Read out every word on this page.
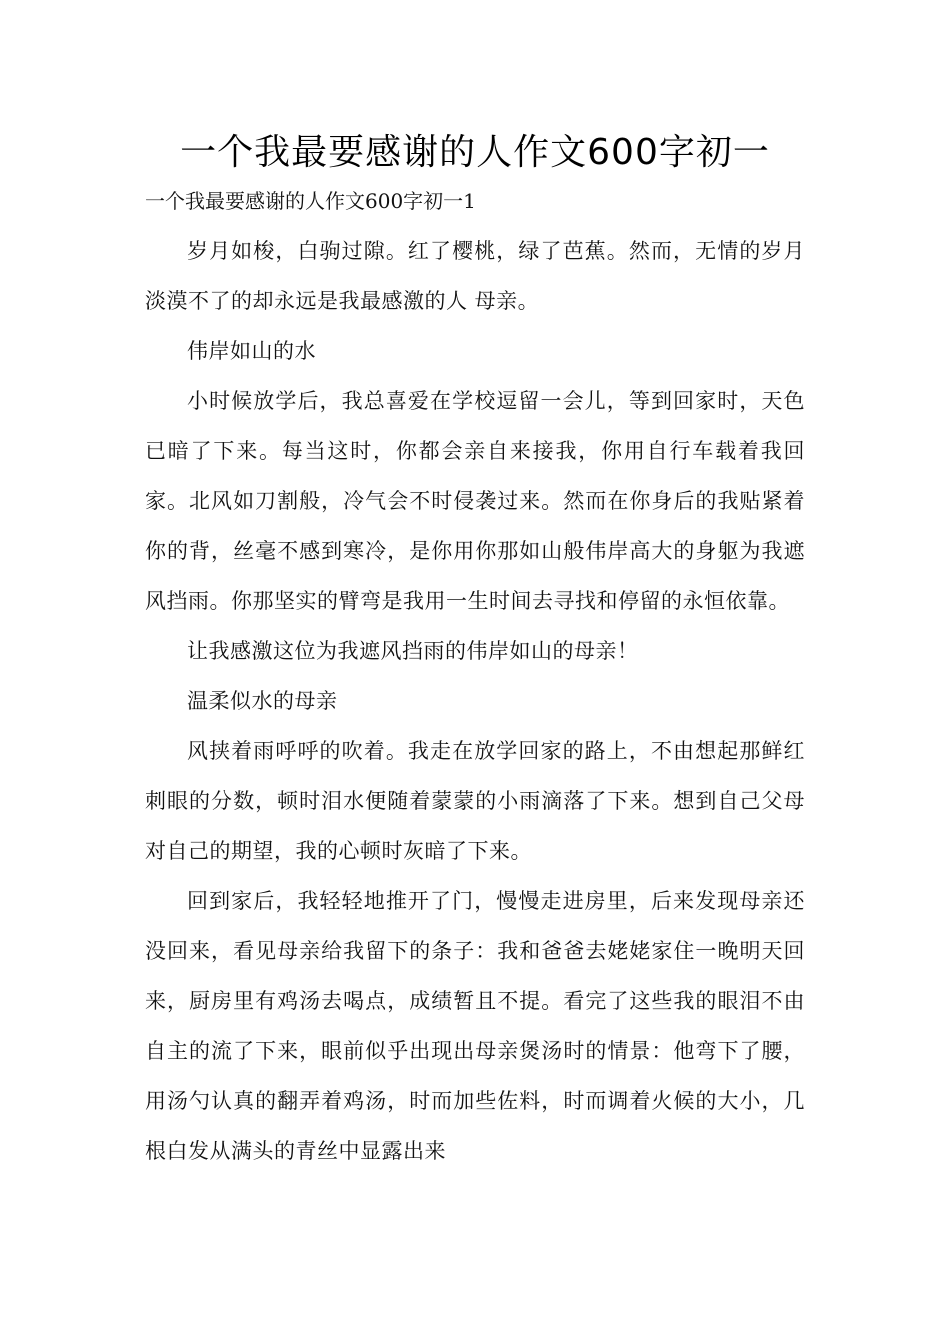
一个我最要感谢的人作文600字初一
一个我最要感谢的人作文600字初一1

岁月如梭，白驹过隙。红了樱桃，绿了芭蕉。然而，无情的岁月淡漠不了的却永远是我最感激的人 母亲。

伟岸如山的水

小时候放学后，我总喜爱在学校逗留一会儿，等到回家时，天色已暗了下来。每当这时，你都会亲自来接我，你用自行车载着我回家。北风如刀割般，冷气会不时侵袭过来。然而在你身后的我贴紧着你的背，丝毫不感到寒冷，是你用你那如山般伟岸高大的身躯为我遮风挡雨。你那坚实的臂弯是我用一生时间去寻找和停留的永恒依靠。

让我感激这位为我遮风挡雨的伟岸如山的母亲！

温柔似水的母亲

风挟着雨呼呼的吹着。我走在放学回家的路上，不由想起那鲜红刺眼的分数，顿时泪水便随着蒙蒙的小雨滴落了下来。想到自己父母对自己的期望，我的心顿时灰暗了下来。

回到家后，我轻轻地推开了门，慢慢走进房里，后来发现母亲还没回来，看见母亲给我留下的条子：我和爸爸去姥姥家住一晚明天回来，厨房里有鸡汤去喝点，成绩暂且不提。看完了这些我的眼泪不由自主的流了下来，眼前似乎出现出母亲煲汤时的情景：他弯下了腰，用汤勺认真的翻弄着鸡汤，时而加些佐料，时而调着火候的大小，几根白发从满头的青丝中显露出来
